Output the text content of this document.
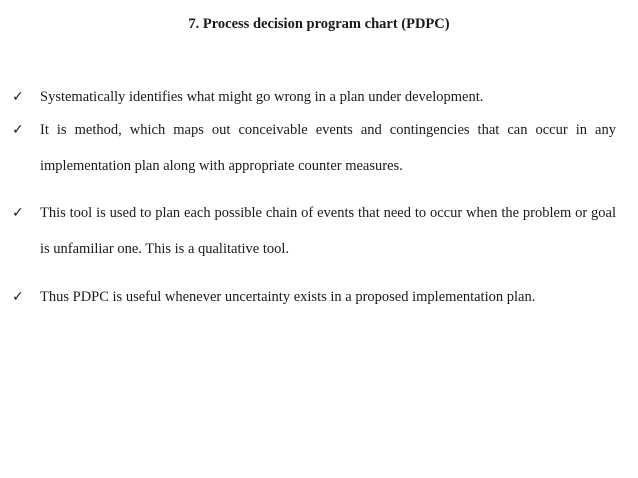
7. Process decision program chart (PDPC)
✓	Systematically identifies what might go wrong in a plan under development.
✓	It is method, which maps out conceivable events and contingencies that can occur in any implementation plan along with appropriate counter measures.
✓	This tool is used to plan each possible chain of events that need to occur when the problem or goal is unfamiliar one. This is a qualitative tool.
✓	Thus PDPC is useful whenever uncertainty exists in a proposed implementation plan.
